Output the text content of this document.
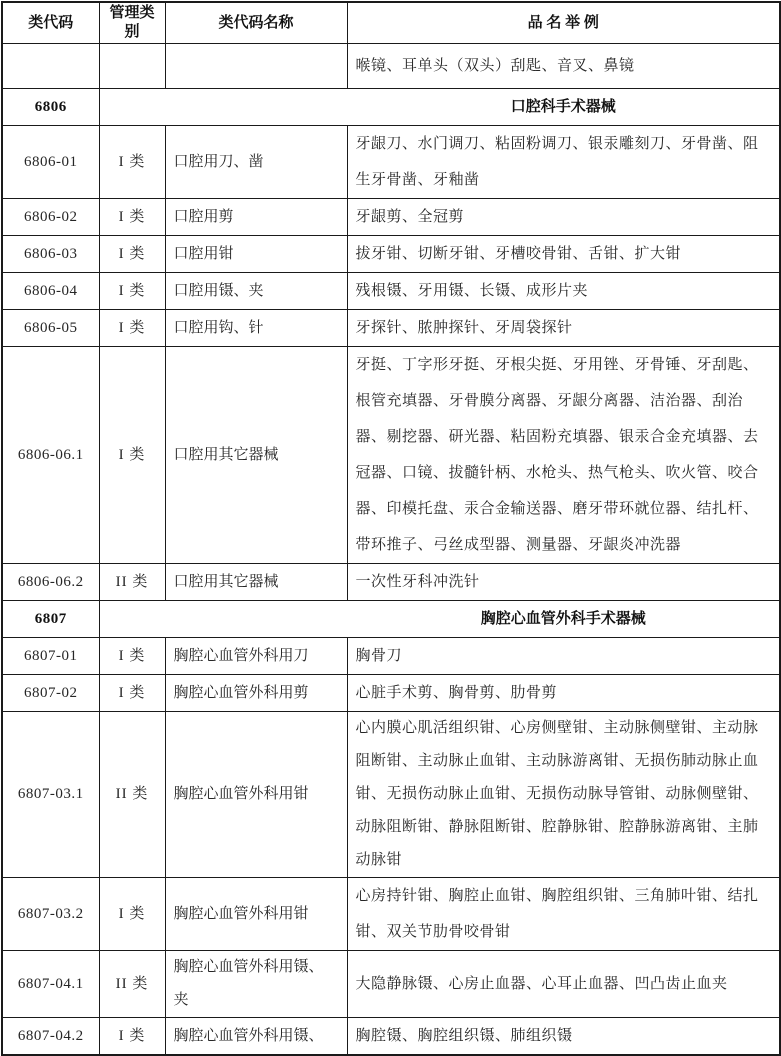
类代码	管理类别	类代码名称	品 名 举 例
			喉镜、耳单头（双头）刮匙、音叉、鼻镜
6806	口腔科手术器械		
6806-01	I 类	口腔用刀、凿	牙龈刀、水门调刀、粘固粉调刀、银汞雕刻刀、牙骨凿、阻生牙骨凿、牙釉凿
6806-02	I 类	口腔用剪	牙龈剪、全冠剪
6806-03	I 类	口腔用钳	拔牙钳、切断牙钳、牙槽咬骨钳、舌钳、扩大钳
6806-04	I 类	口腔用镊、夹	残根镊、牙用镊、长镊、成形片夹
6806-05	I 类	口腔用钩、针	牙探针、脓肿探针、牙周袋探针
6806-06.1	I 类	口腔用其它器械	牙挺、丁字形牙挺、牙根尖挺、牙用锉、牙骨锤、牙刮匙、根管充填器、牙骨膜分离器、牙龈分离器、洁治器、刮治器、剔挖器、研光器、粘固粉充填器、银汞合金充填器、去冠器、口镜、拔髓针柄、水枪头、热气枪头、吹火管、咬合器、印模托盘、汞合金输送器、磨牙带环就位器、结扎杆、带环推子、弓丝成型器、测量器、牙龈炎冲洗器
6806-06.2	II 类	口腔用其它器械	一次性牙科冲洗针
6807	胸腔心血管外科手术器械		
6807-01	I 类	胸腔心血管外科用刀	胸骨刀
6807-02	I 类	胸腔心血管外科用剪	心脏手术剪、胸骨剪、肋骨剪
6807-03.1	II 类	胸腔心血管外科用钳	心内膜心肌活组织钳、心房侧壁钳、主动脉侧壁钳、主动脉阻断钳、主动脉止血钳、主动脉游离钳、无损伤肺动脉止血钳、无损伤动脉止血钳、无损伤动脉导管钳、动脉侧壁钳、动脉阻断钳、静脉阻断钳、腔静脉钳、腔静脉游离钳、主肺动脉钳
6807-03.2	I 类	胸腔心血管外科用钳	心房持针钳、胸腔止血钳、胸腔组织钳、三角肺叶钳、结扎钳、双关节肋骨咬骨钳
6807-04.1	II 类	胸腔心血管外科用镊、夹	大隐静脉镊、心房止血器、心耳止血器、凹凸齿止血夹
6807-04.2	I 类	胸腔心血管外科用镊、	胸腔镊、胸腔组织镊、肺组织镊
